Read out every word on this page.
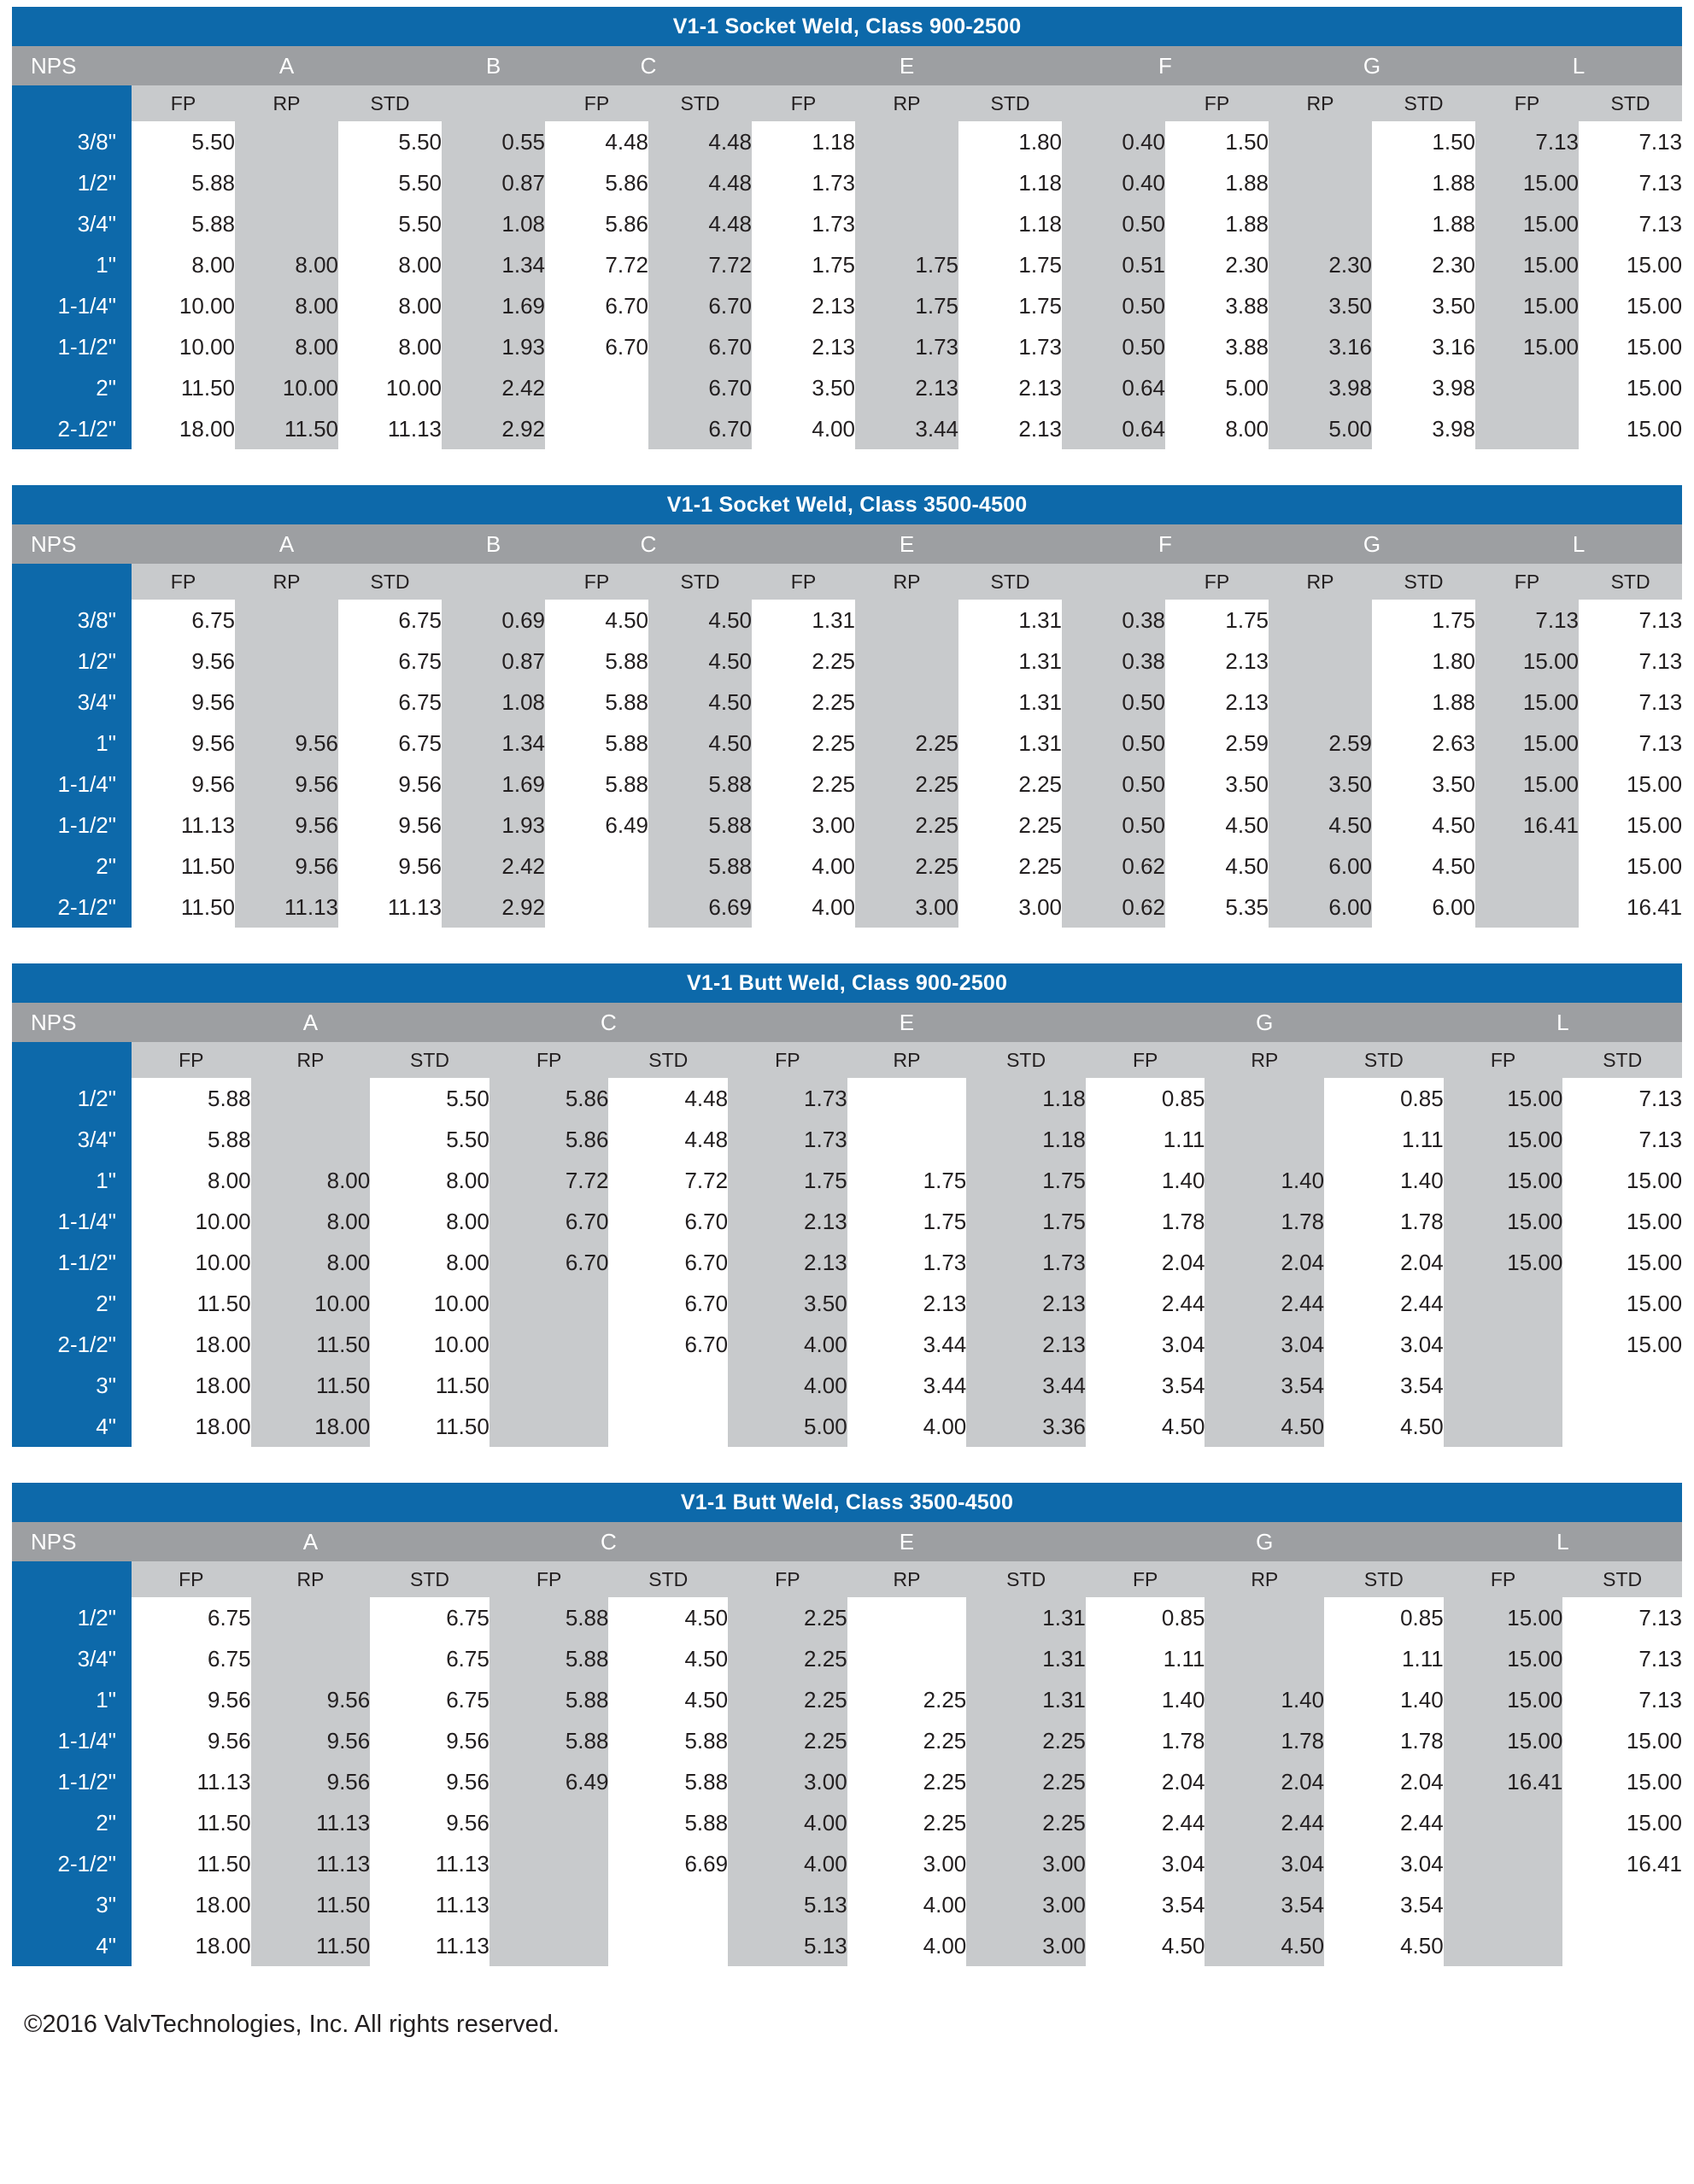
V1-1 Socket Weld, Class 900-2500															
NPS	A			B	C		E			F		G		L	
	FP	RP	STD		FP	STD	FP	RP	STD		FP	RP	STD	FP	STD
3/8"	5.50		5.50	0.55	4.48	4.48	1.18		1.80	0.40	1.50		1.50	7.13	7.13
1/2"	5.88		5.50	0.87	5.86	4.48	1.73		1.18	0.40	1.88		1.88	15.00	7.13
3/4"	5.88		5.50	1.08	5.86	4.48	1.73		1.18	0.50	1.88		1.88	15.00	7.13
1"	8.00	8.00	8.00	1.34	7.72	7.72	1.75	1.75	1.75	0.51	2.30	2.30	2.30	15.00	15.00
1-1/4"	10.00	8.00	8.00	1.69	6.70	6.70	2.13	1.75	1.75	0.50	3.88	3.50	3.50	15.00	15.00
1-1/2"	10.00	8.00	8.00	1.93	6.70	6.70	2.13	1.73	1.73	0.50	3.88	3.16	3.16	15.00	15.00
2"	11.50	10.00	10.00	2.42		6.70	3.50	2.13	2.13	0.64	5.00	3.98	3.98		15.00
2-1/2"	18.00	11.50	11.13	2.92		6.70	4.00	3.44	2.13	0.64	8.00	5.00	3.98		15.00
V1-1 Socket Weld, Class 3500-4500															
NPS	A			B	C		E			F		G		L	
	FP	RP	STD		FP	STD	FP	RP	STD		FP	RP	STD	FP	STD
3/8"	6.75		6.75	0.69	4.50	4.50	1.31		1.31	0.38	1.75		1.75	7.13	7.13
1/2"	9.56		6.75	0.87	5.88	4.50	2.25		1.31	0.38	2.13		1.80	15.00	7.13
3/4"	9.56		6.75	1.08	5.88	4.50	2.25		1.31	0.50	2.13		1.88	15.00	7.13
1"	9.56	9.56	6.75	1.34	5.88	4.50	2.25	2.25	1.31	0.50	2.59	2.59	2.63	15.00	7.13
1-1/4"	9.56	9.56	9.56	1.69	5.88	5.88	2.25	2.25	2.25	0.50	3.50	3.50	3.50	15.00	15.00
1-1/2"	11.13	9.56	9.56	1.93	6.49	5.88	3.00	2.25	2.25	0.50	4.50	4.50	4.50	16.41	15.00
2"	11.50	9.56	9.56	2.42		5.88	4.00	2.25	2.25	0.62	4.50	6.00	4.50		15.00
2-1/2"	11.50	11.13	11.13	2.92		6.69	4.00	3.00	3.00	0.62	5.35	6.00	6.00		16.41
V1-1 Butt Weld, Class 900-2500													
NPS	A			C		E			G			L	
	FP	RP	STD	FP	STD	FP	RP	STD	FP	RP	STD	FP	STD
1/2"	5.88		5.50	5.86	4.48	1.73		1.18	0.85		0.85	15.00	7.13
3/4"	5.88		5.50	5.86	4.48	1.73		1.18	1.11		1.11	15.00	7.13
1"	8.00	8.00	8.00	7.72	7.72	1.75	1.75	1.75	1.40	1.40	1.40	15.00	15.00
1-1/4"	10.00	8.00	8.00	6.70	6.70	2.13	1.75	1.75	1.78	1.78	1.78	15.00	15.00
1-1/2"	10.00	8.00	8.00	6.70	6.70	2.13	1.73	1.73	2.04	2.04	2.04	15.00	15.00
2"	11.50	10.00	10.00		6.70	3.50	2.13	2.13	2.44	2.44	2.44		15.00
2-1/2"	18.00	11.50	10.00		6.70	4.00	3.44	2.13	3.04	3.04	3.04		15.00
3"	18.00	11.50	11.50			4.00	3.44	3.44	3.54	3.54	3.54		
4"	18.00	18.00	11.50			5.00	4.00	3.36	4.50	4.50	4.50		
V1-1 Butt Weld, Class 3500-4500													
NPS	A			C		E			G			L	
	FP	RP	STD	FP	STD	FP	RP	STD	FP	RP	STD	FP	STD
1/2"	6.75		6.75	5.88	4.50	2.25		1.31	0.85		0.85	15.00	7.13
3/4"	6.75		6.75	5.88	4.50	2.25		1.31	1.11		1.11	15.00	7.13
1"	9.56	9.56	6.75	5.88	4.50	2.25	2.25	1.31	1.40	1.40	1.40	15.00	7.13
1-1/4"	9.56	9.56	9.56	5.88	5.88	2.25	2.25	2.25	1.78	1.78	1.78	15.00	15.00
1-1/2"	11.13	9.56	9.56	6.49	5.88	3.00	2.25	2.25	2.04	2.04	2.04	16.41	15.00
2"	11.50	11.13	9.56		5.88	4.00	2.25	2.25	2.44	2.44	2.44		15.00
2-1/2"	11.50	11.13	11.13		6.69	4.00	3.00	3.00	3.04	3.04	3.04		16.41
3"	18.00	11.50	11.13			5.13	4.00	3.00	3.54	3.54	3.54		
4"	18.00	11.50	11.13			5.13	4.00	3.00	4.50	4.50	4.50		
©2016 ValvTechnologies, Inc. All rights reserved.
